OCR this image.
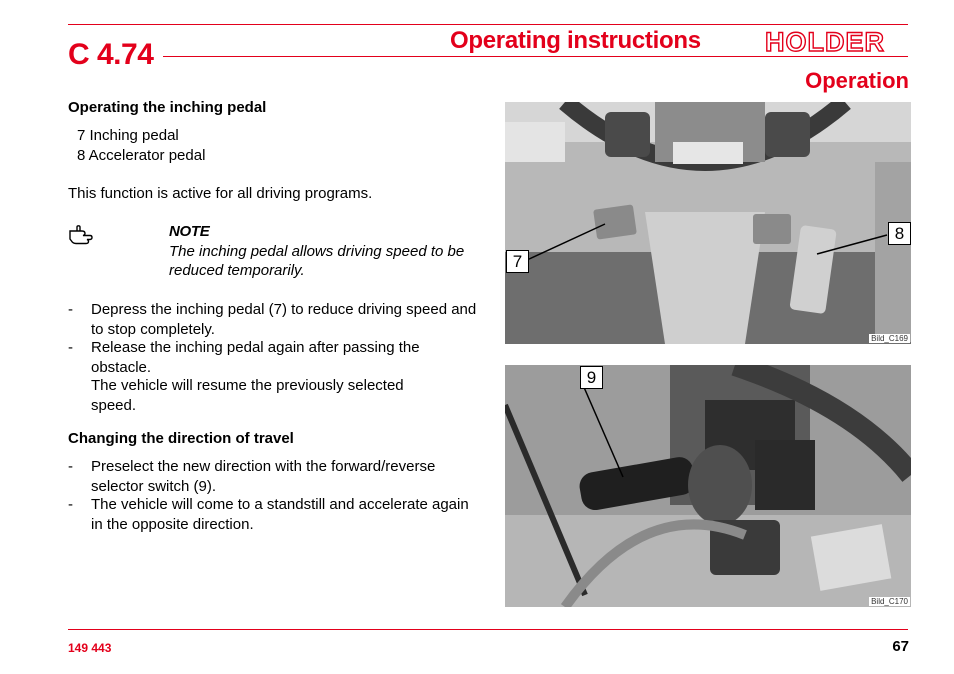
C 4.74	Operating instructions HOLDER
Operation
Operating the inching pedal
7 Inching pedal
8 Accelerator pedal
This function is active for all driving programs.
NOTE
The inching pedal allows driving speed to be
reduced temporarily.
- Depress the inching pedal (7) to reduce driving speed and to stop completely.
- Release the inching pedal again after passing the obstacle.
The vehicle will resume the previously selected speed.
Changing the direction of travel
- Preselect the new direction with the forward/reverse selector switch (9).
- The vehicle will come to a standstill and accelerate again in the opposite direction.
7
8
Bild_C169
9
Bild_C170
149 443	67
